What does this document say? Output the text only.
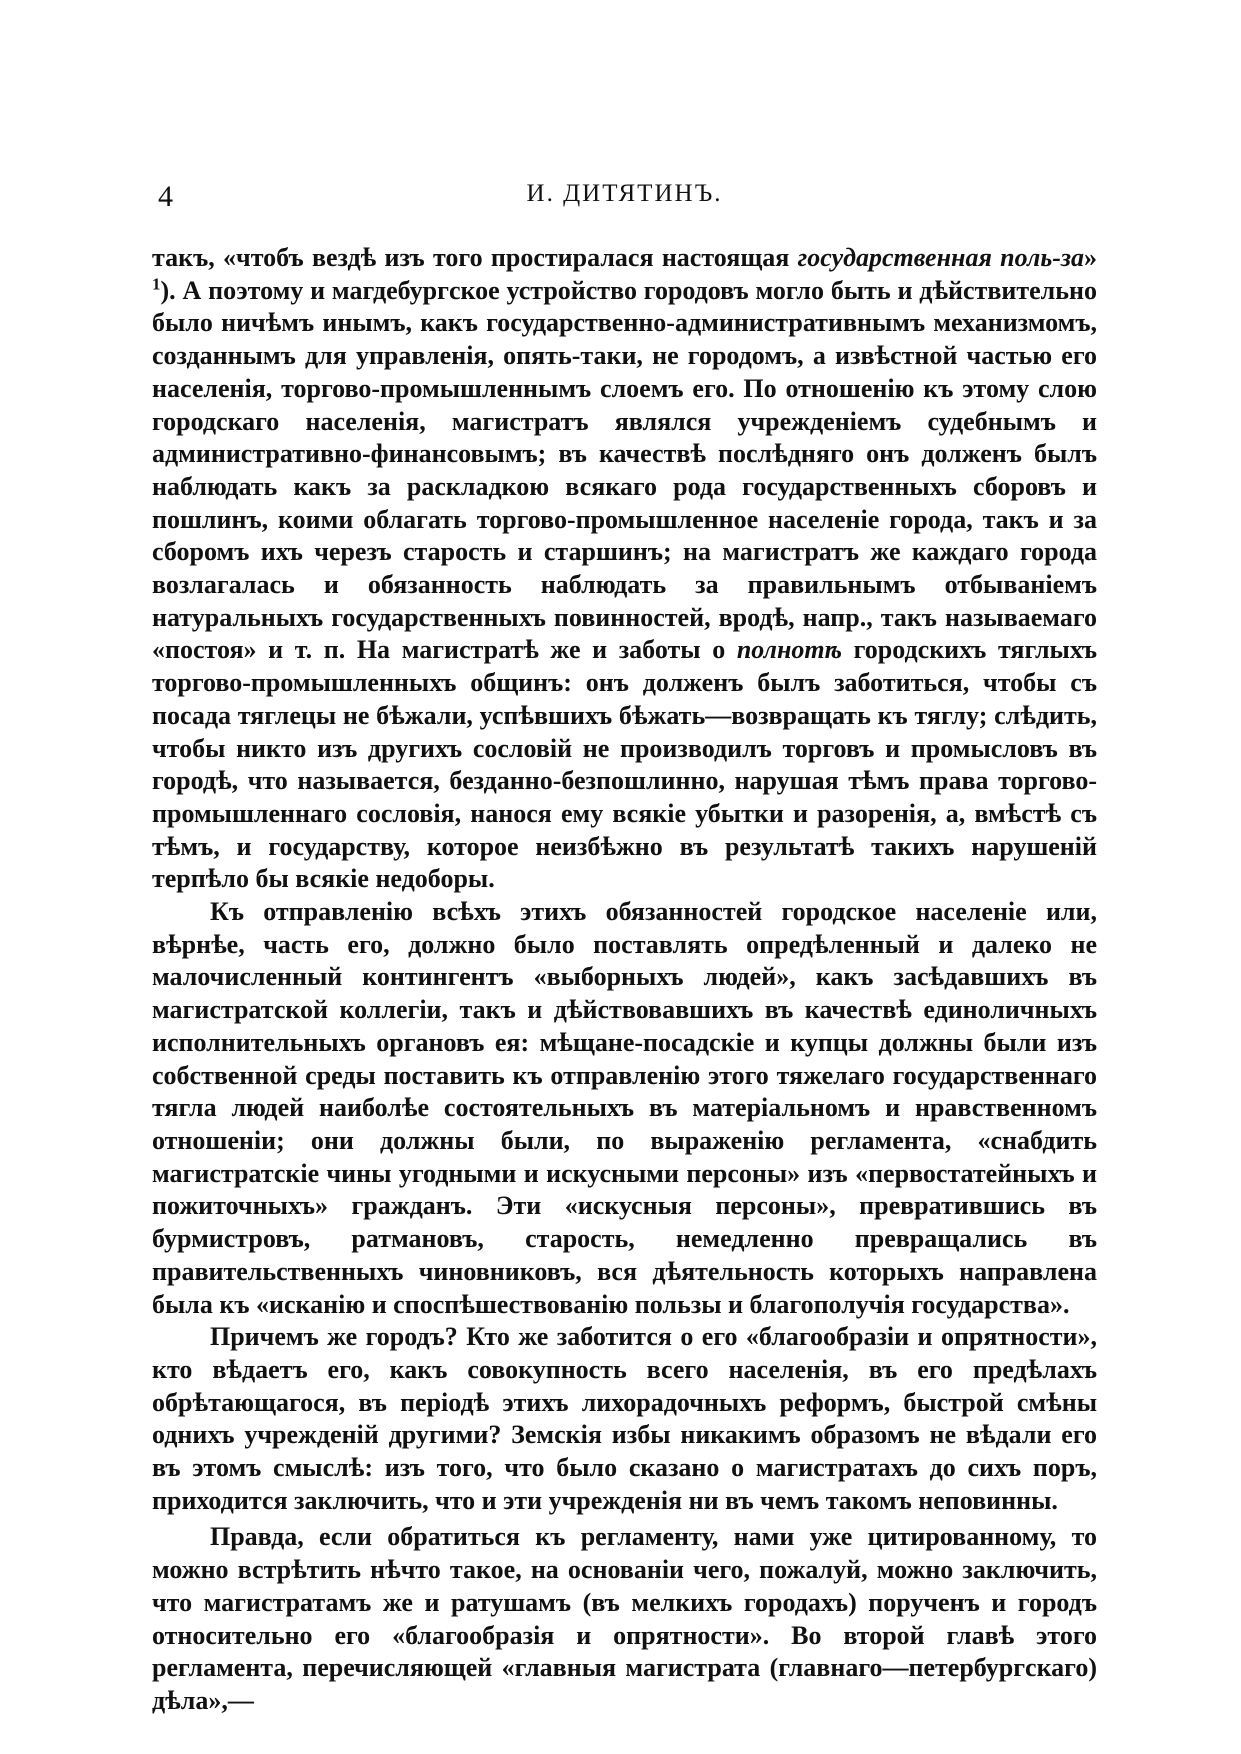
4	И. ДИТЯТИНЪ.

такъ, «чтобъ вездѣ изъ того простиралася настоящая государственная поль-за» $^1$). А поэтому и магдебургское устройство городовъ могло быть и дѣйствительно было ничѣмъ инымъ, какъ государственно-административнымъ механизмомъ, созданнымъ для управленія, опять-таки, не городомъ, а извѣстной частью его населенія, торгово-промышленнымъ слоемъ его. По отношенію къ этому слою городскаго населенія, магистратъ являлся учрежденіемъ судебнымъ и административно-финансовымъ; въ качествѣ послѣдняго онъ долженъ былъ наблюдать какъ за раскладкою всякаго рода государственныхъ сборовъ и пошлинъ, коими облагать торгово-промышленное населеніе города, такъ и за сборомъ ихъ черезъ старость и старшинъ; на магистратъ же каждаго города возлагалась и обязанность наблюдать за правильнымъ отбываніемъ натуральныхъ государственныхъ повинностей, вродѣ, напр., такъ называемаго «постоя» и т. п. На магистратѣ же и заботы о полнотѣ городскихъ тяглыхъ торгово-промышленныхъ общинъ: онъ долженъ былъ заботиться, чтобы съ посада тяглецы не бѣжали, успѣвшихъ бѣжать—возвращать къ тяглу; слѣдить, чтобы никто изъ другихъ сословій не производилъ торговъ и промысловъ въ городѣ, что называется, безданно-безпошлинно, нарушая тѣмъ права торгово-промышленнаго сословія, нанося ему всякіе убытки и разоренія, а, вмѣстѣ съ тѣмъ, и государству, которое неизбѣжно въ результатѣ такихъ нарушеній терпѣло бы всякіе недоборы.

Къ отправленію всѣхъ этихъ обязанностей городское населеніе или, вѣрнѣе, часть его, должно было поставлять опредѣленный и далеко не малочисленный контингентъ «выборныхъ людей», какъ засѣдавшихъ въ магистратской коллегіи, такъ и дѣйствовавшихъ въ качествѣ единоличныхъ исполнительныхъ органовъ ея: мѣщане-посадскіе и купцы должны были изъ собственной среды поставить къ отправленію этого тяжелаго государственнаго тягла людей наиболѣе состоятельныхъ въ матеріальномъ и нравственномъ отношеніи; они должны были, по выраженію регламента, «снабдить магистратскіе чины угодными и искусными персоны» изъ «первостатейныхъ и пожиточныхъ» гражданъ. Эти «искусныя персоны», превратившись въ бурмистровъ, ратмановъ, старость, немедленно превращались въ правительственныхъ чиновниковъ, вся дѣятельность которыхъ направлена была къ «исканію и споспѣшествованію пользы и благополучія государства».

Причемъ же городъ? Кто же заботится о его «благообразіи и опрятности», кто вѣдаетъ его, какъ совокупность всего населенія, въ его предѣлахъ обрѣтающагося, въ періодѣ этихъ лихорадочныхъ реформъ, быстрой смѣны однихъ учрежденій другими? Земскія избы никакимъ образомъ не вѣдали его въ этомъ смыслѣ: изъ того, что было сказано о магистратахъ до сихъ поръ, приходится заключить, что и эти учрежденія ни въ чемъ такомъ неповинны.

Правда, если обратиться къ регламенту, нами уже цитированному, то можно встрѣтить нѣчто такое, на основаніи чего, пожалуй, можно заключить, что магистратамъ же и ратушамъ (въ мелкихъ городахъ) порученъ и городъ относительно его «благообразія и опрятности». Во второй главѣ этого регламента, перечисляющей «главныя магистрата (главнаго—петербургскаго) дѣла»,—
